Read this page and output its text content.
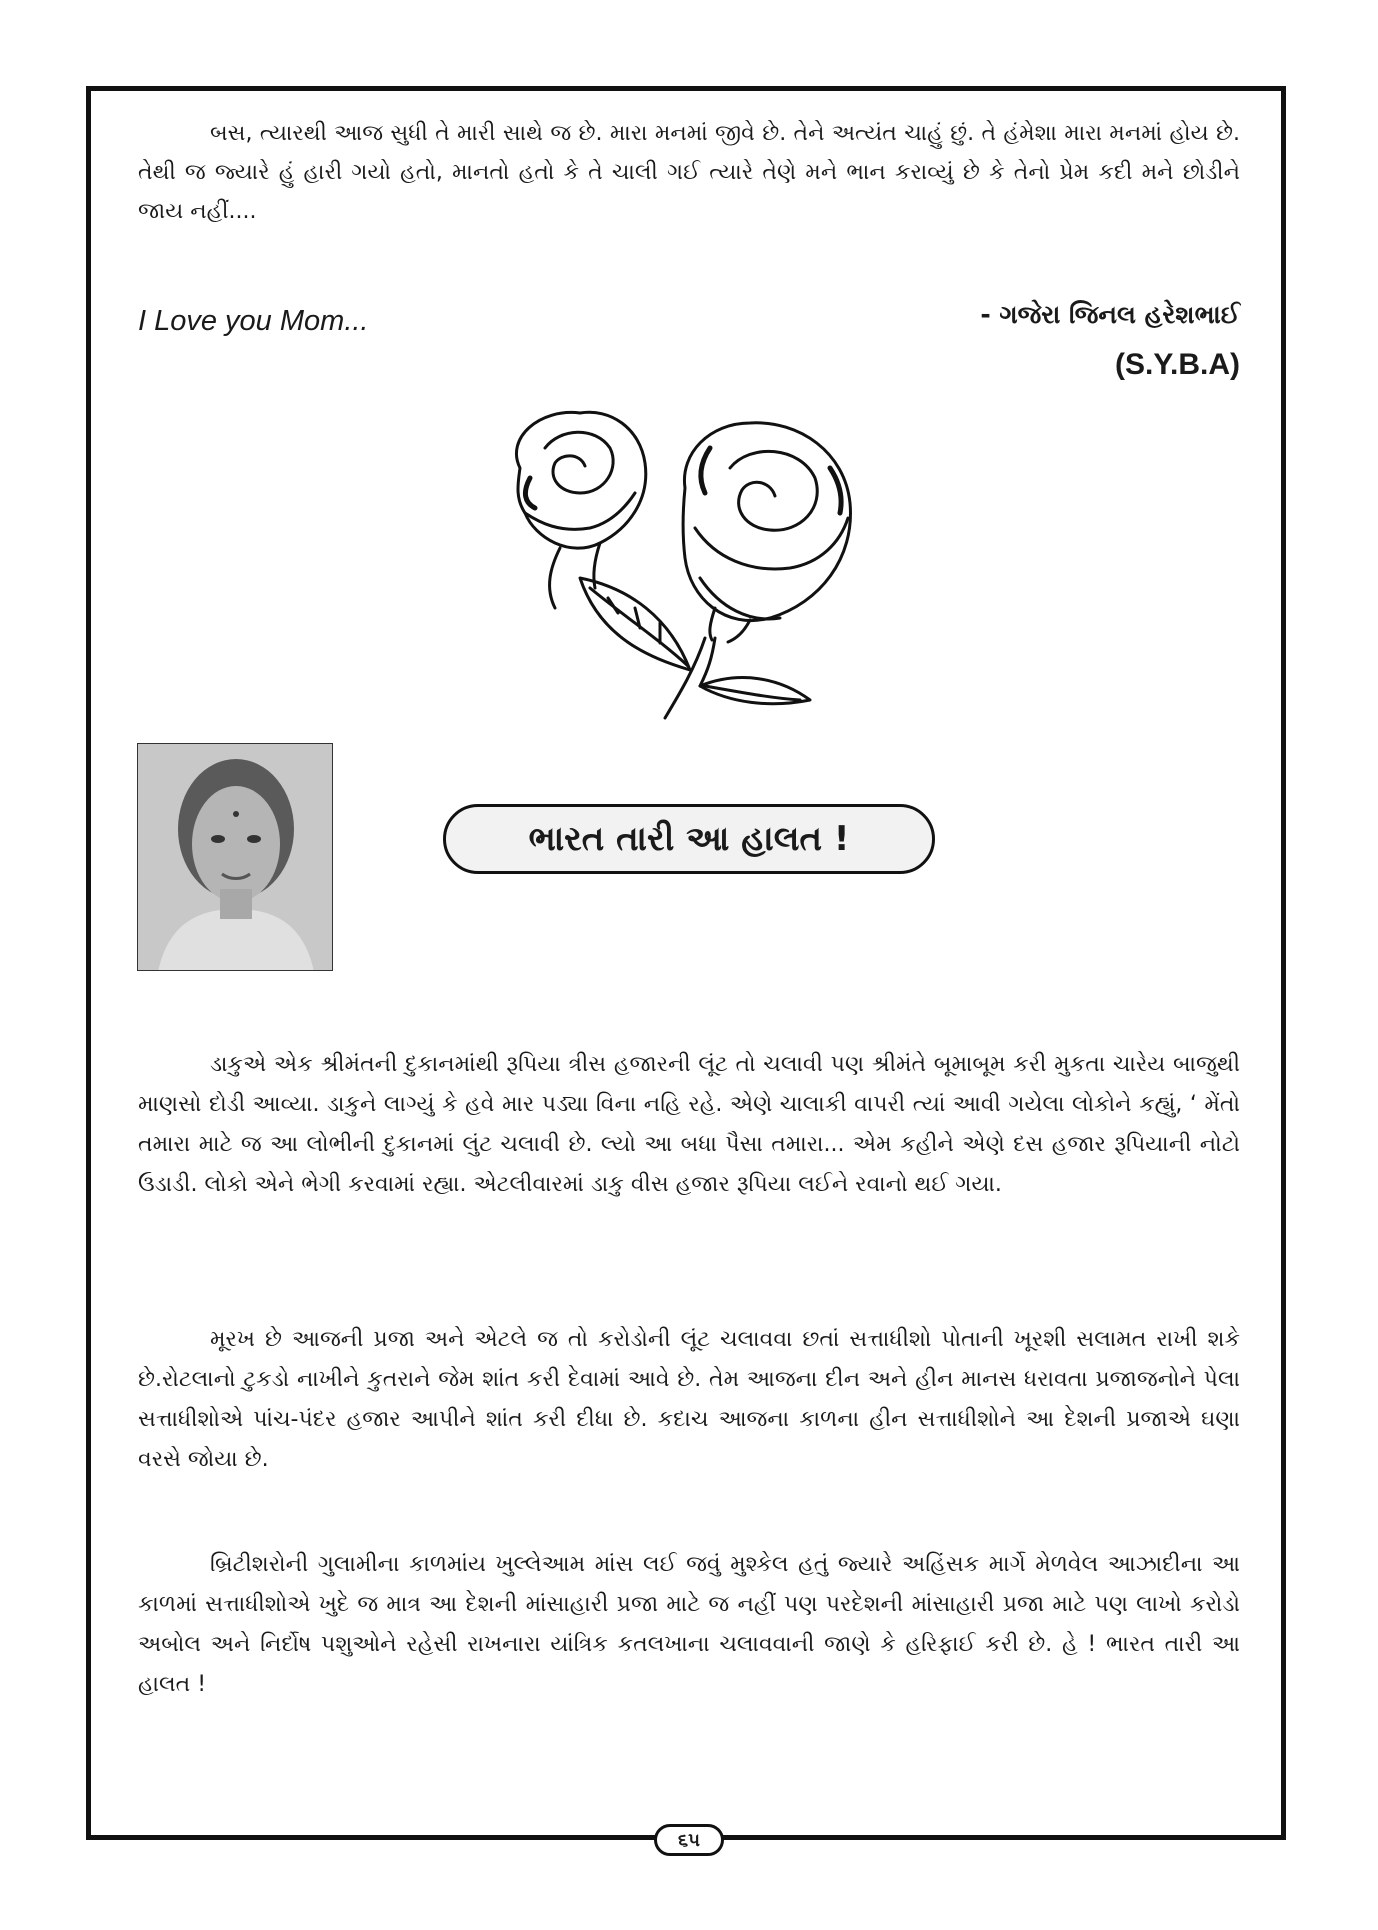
બસ, ત્યારથી આજ સુધી તે મારી સાથે જ છે. મારા મનમાં જીવે છે. તેને અત્યંત ચાહું છું. તે હંમેશા મારા મનમાં હોય છે. તેથી જ જ્યારે હું હારી ગયો હતો, માનતો હતો કે તે ચાલી ગઈ ત્યારે તેણે મને ભાન કરાવ્યું છે કે તેનો પ્રેમ કદી મને છોડીને જાય નહીં....

I Love you Mom...	- ગજેરા જિનલ હરેશભાઈ
(S.Y.B.A)
ભારત તારી આ હાલત !

ડાકુએ એક શ્રીમંતની દુકાનમાંથી રૂપિયા ત્રીસ હજારની લૂંટ તો ચલાવી પણ શ્રીમંતે બૂમાબૂમ કરી મુકતા ચારેય બાજુથી માણસો દોડી આવ્યા. ડાકુને લાગ્યું કે હવે માર પડ્યા વિના નહિ રહે. એણે ચાલાકી વાપરી ત્યાં આવી ગયેલા લોકોને કહ્યું, ‘ મેંતો તમારા માટે જ આ લોભીની દુકાનમાં લુંટ ચલાવી છે. લ્યો આ બધા પૈસા તમારા... એમ કહીને એણે દસ હજાર રૂપિયાની નોટો ઉડાડી. લોકો એને ભેગી કરવામાં રહ્યા. એટલીવારમાં ડાકુ વીસ હજાર રૂપિયા લઈને રવાનો થઈ ગયા.

મૂરખ છે આજની પ્રજા અને એટલે જ તો કરોડોની લૂંટ ચલાવવા છતાં સત્તાધીશો પોતાની ખૂરશી સલામત રાખી શકે છે.રોટલાનો ટુકડો નાખીને કુતરાને જેમ શાંત કરી દેવામાં આવે છે. તેમ આજના દીન અને હીન માનસ ધરાવતા પ્રજાજનોને પેલા સત્તાધીશોએ પાંચ-પંદર હજાર આપીને શાંત કરી દીધા છે. કદાચ આજના કાળના હીન સત્તાધીશોને આ દેશની પ્રજાએ ઘણા વરસે જોયા છે.

બ્રિટીશરોની ગુલામીના કાળમાંય ખુલ્લેઆમ માંસ લઈ જવું મુશ્કેલ હતું જ્યારે અહિંસક માર્ગે મેળવેલ આઝાદીના આ કાળમાં સત્તાધીશોએ ખુદે જ માત્ર આ દેશની માંસાહારી પ્રજા માટે જ નહીં પણ પરદેશની માંસાહારી પ્રજા માટે પણ લાખો કરોડો અબોલ અને નિર્દોષ પશુઓને રહેસી રાખનારા યાંત્રિક કતલખાના ચલાવવાની જાણે કે હરિફાઈ કરી છે. હે ! ભારત તારી આ હાલત !

૬૫
